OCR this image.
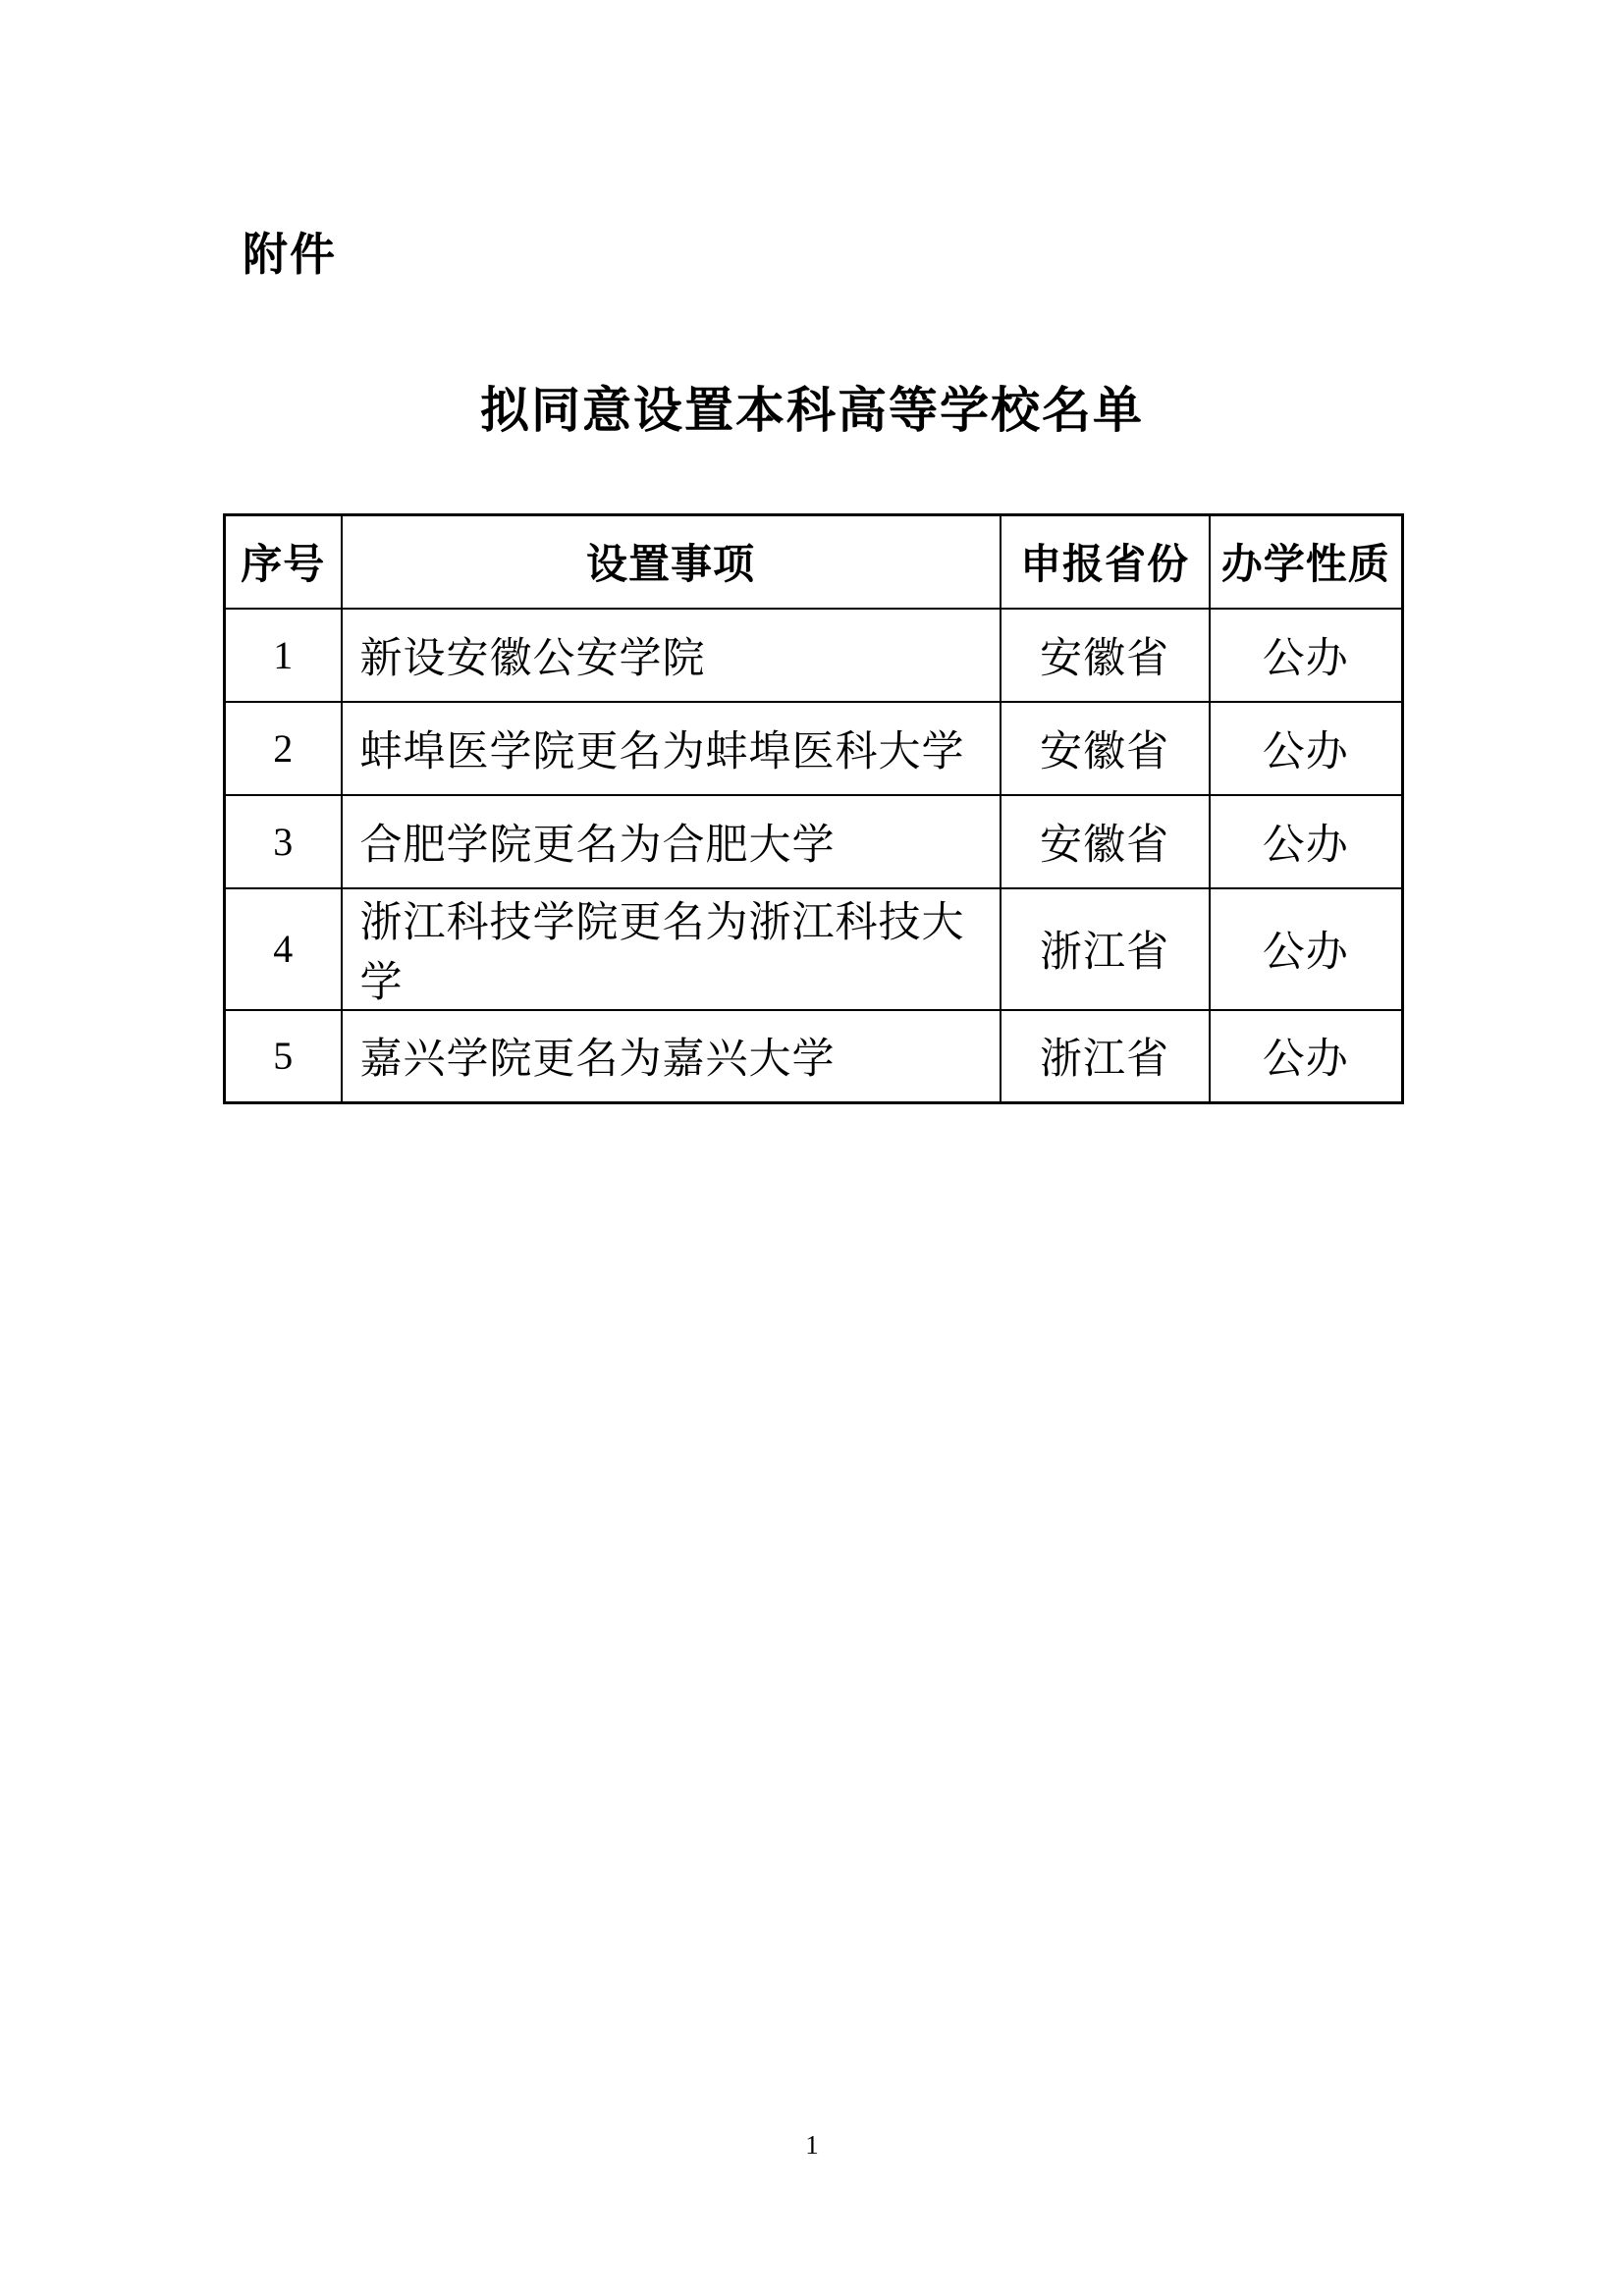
附件
拟同意设置本科高等学校名单
序号	设置事项	申报省份	办学性质
1	新设安徽公安学院	安徽省	公办
2	蚌埠医学院更名为蚌埠医科大学	安徽省	公办
3	合肥学院更名为合肥大学	安徽省	公办
4	浙江科技学院更名为浙江科技大学	浙江省	公办
5	嘉兴学院更名为嘉兴大学	浙江省	公办
1
